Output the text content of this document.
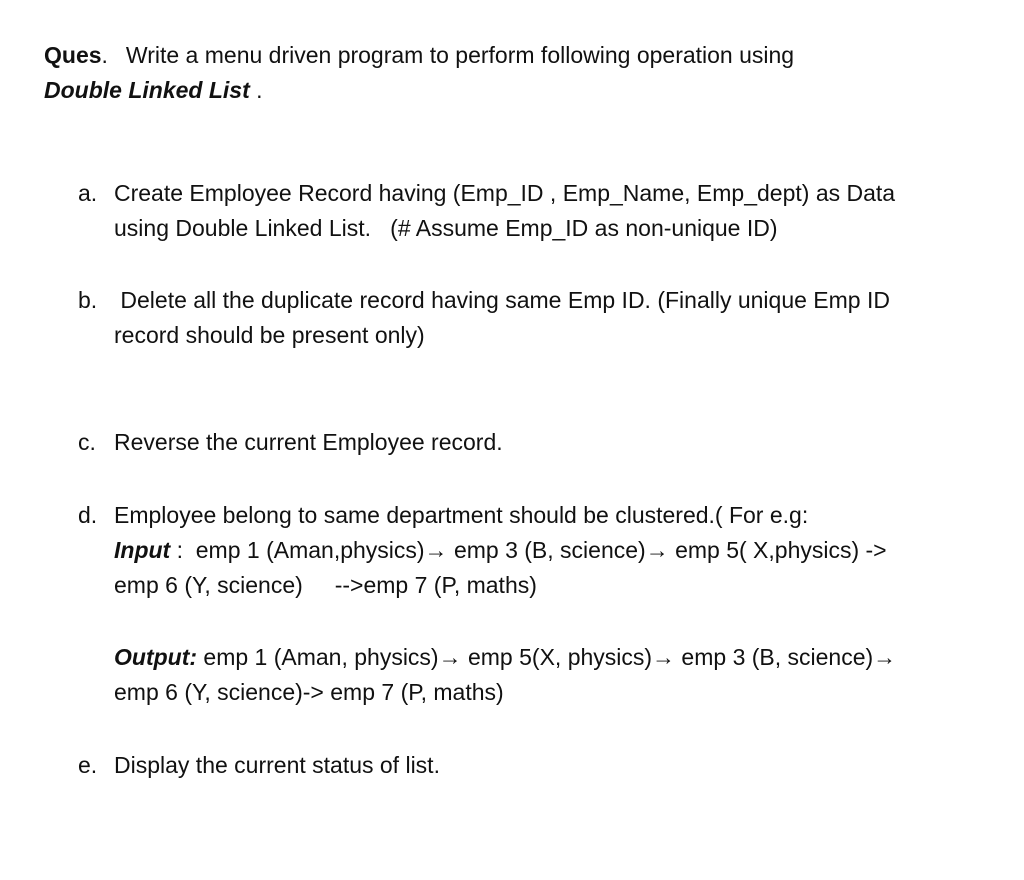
Ques. Write a menu driven program to perform following operation using
Double Linked List .
a. Create Employee Record having (Emp_ID , Emp_Name, Emp_dept) as Data
using Double Linked List.   (# Assume Emp_ID as non-unique ID)
b. Delete all the duplicate record having same Emp ID. (Finally unique Emp ID
record should be present only)
c. Reverse the current Employee record.
d. Employee belong to same department should be clustered.( For e.g:
Input :  emp 1 (Aman,physics)→ emp 3 (B, science)→ emp 5( X,physics) ->
emp 6 (Y, science)     -->emp 7 (P, maths)
Output: emp 1 (Aman, physics)→ emp 5(X, physics)→ emp 3 (B, science)→
emp 6 (Y, science)-> emp 7 (P, maths)
e. Display the current status of list.
